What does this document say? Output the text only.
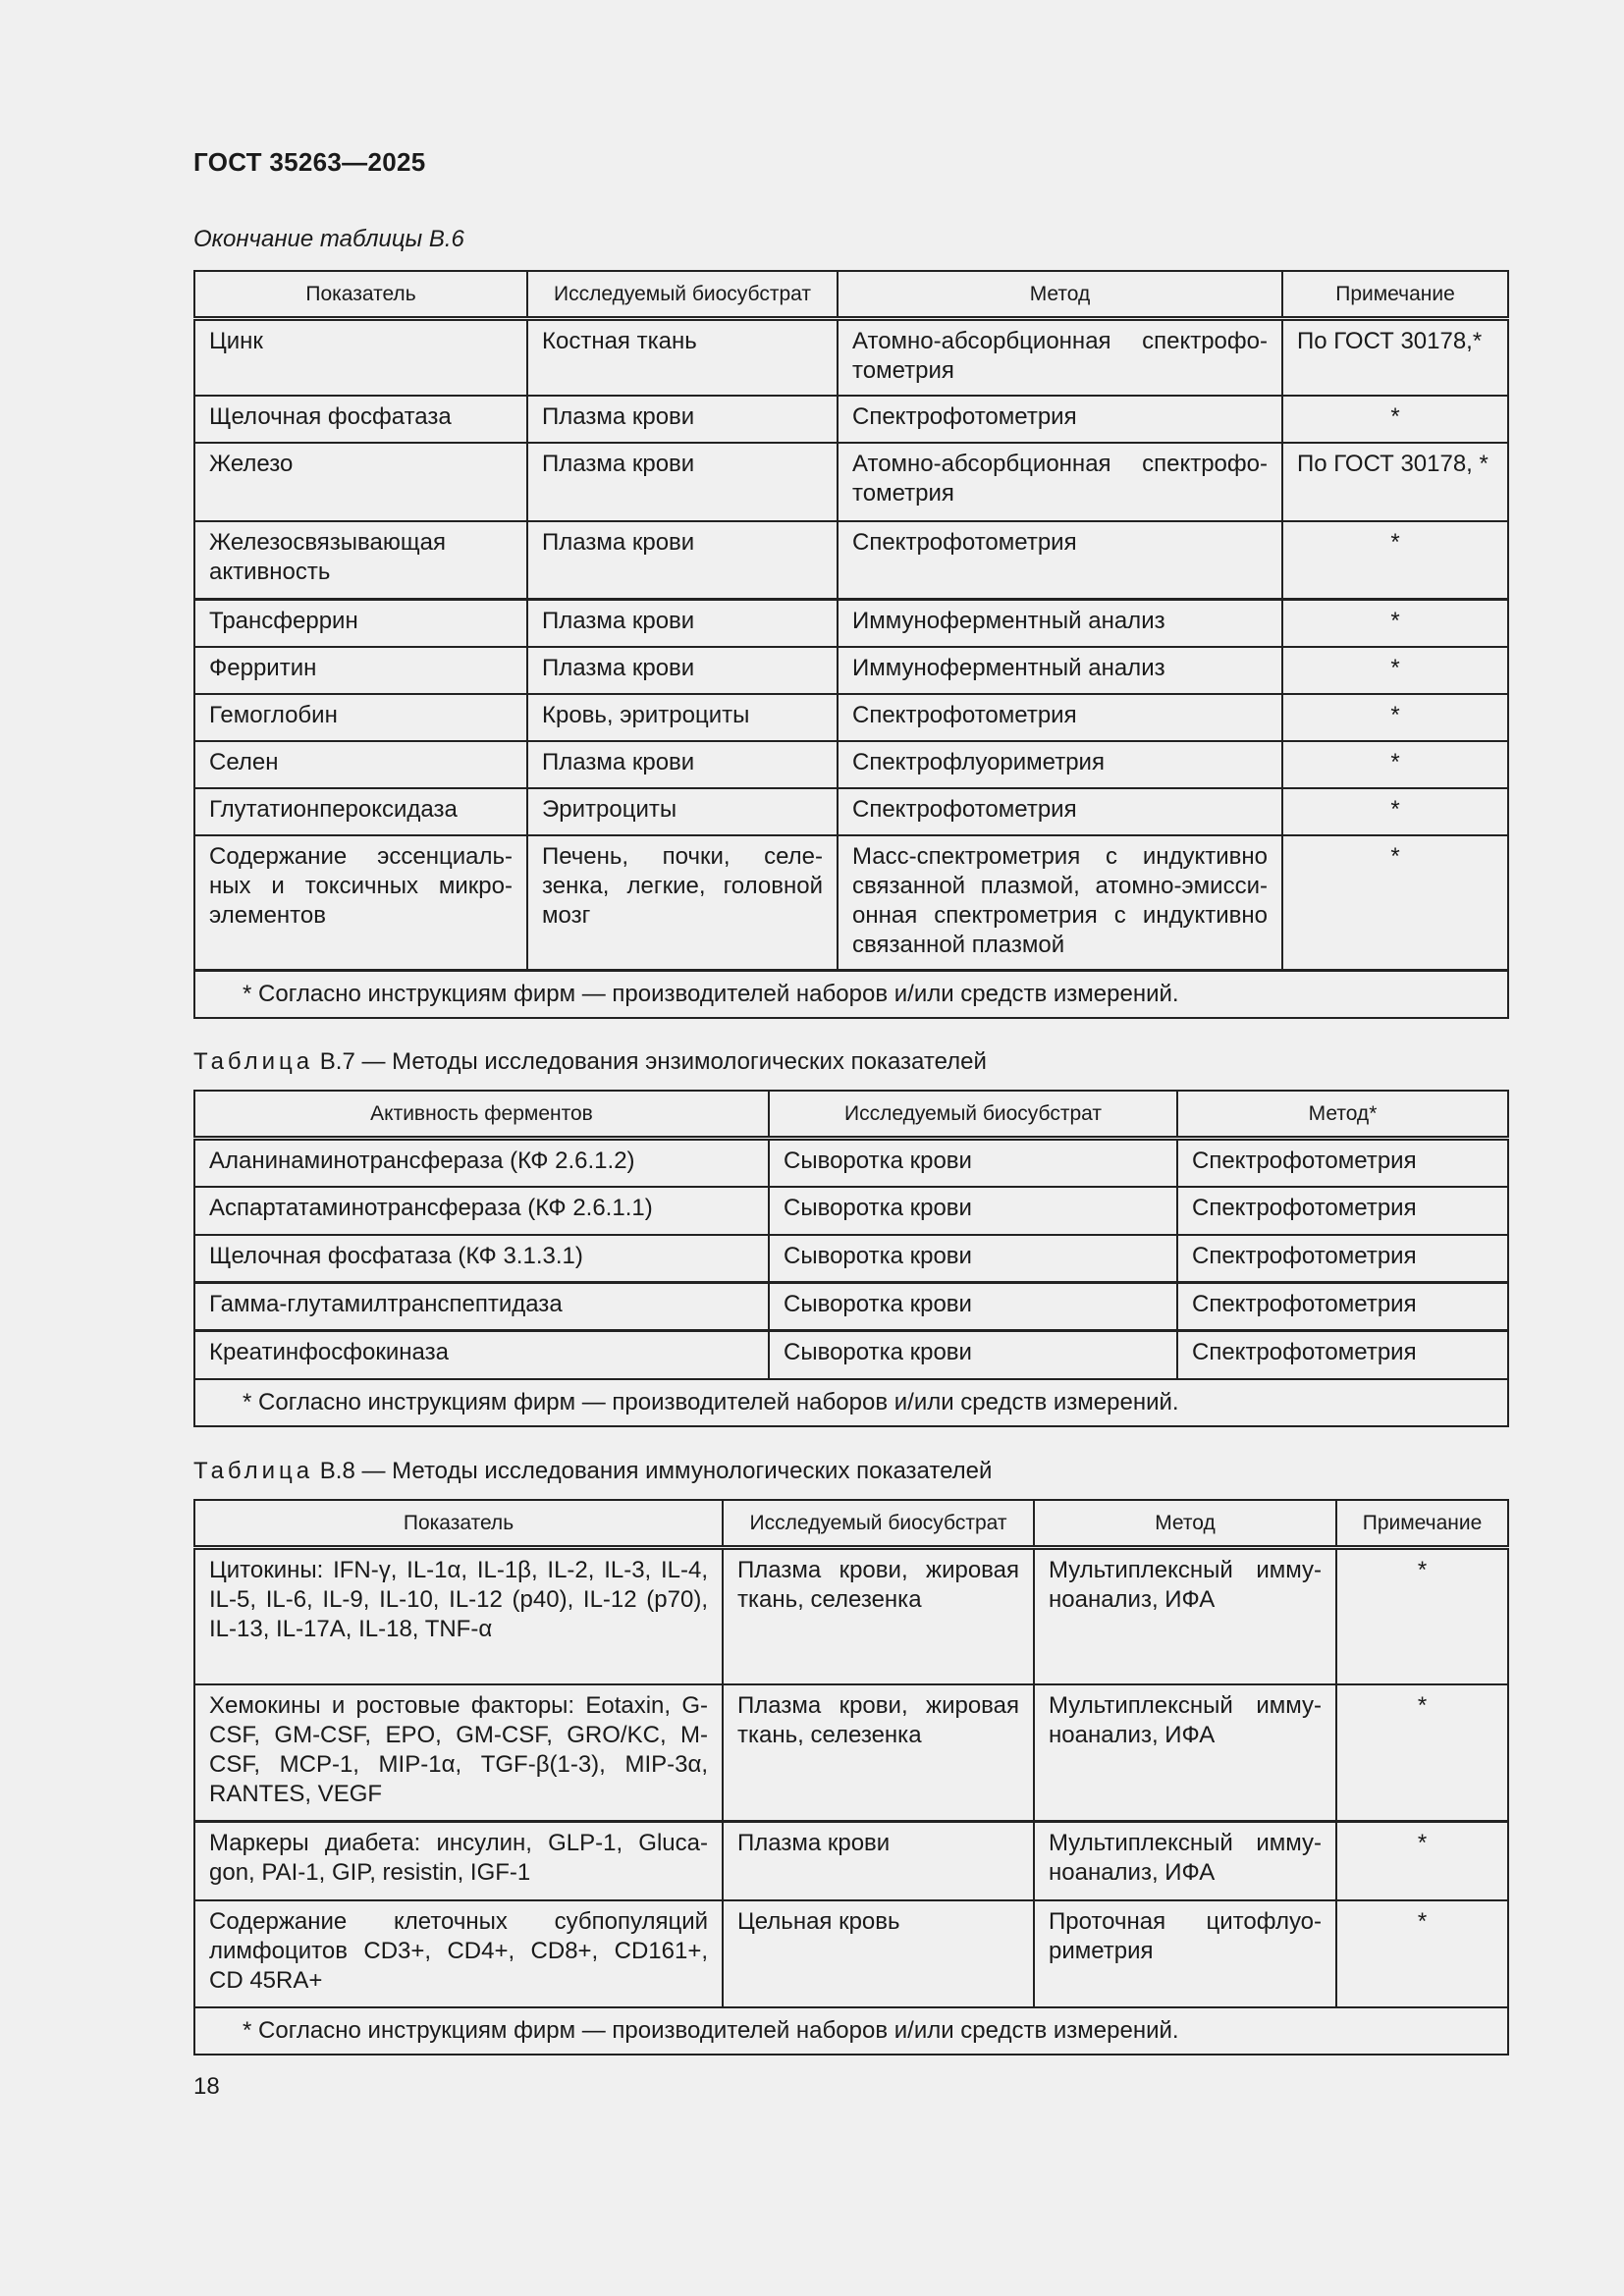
ГОСТ 35263—2025
Окончание таблицы В.6
Показатель	Исследуемый биосубстрат	Метод	Примечание
Цинк	Костная ткань	Атомно-абсорбционная спектрофотометрия	По ГОСТ 30178,*
Щелочная фосфатаза	Плазма крови	Спектрофотометрия	*
Железо	Плазма крови	Атомно-абсорбционная спектрофотометрия	По ГОСТ 30178, *
Железосвязывающая активность	Плазма крови	Спектрофотометрия	*
Трансферрин	Плазма крови	Иммуноферментный анализ	*
Ферритин	Плазма крови	Иммуноферментный анализ	*
Гемоглобин	Кровь, эритроциты	Спектрофотометрия	*
Селен	Плазма крови	Спектрофлуориметрия	*
Глутатионпероксидаза	Эритроциты	Спектрофотометрия	*
Содержание эссенциальных и токсичных микроэлементов	Печень, почки, селезенка, легкие, головной мозг	Масс-спектрометрия с индуктивно связанной плазмой, атомно-эмиссионная спектрометрия с индуктивно связанной плазмой	*
* Согласно инструкциям фирм — производителей наборов и/или средств измерений.			
Таблица В.7 — Методы исследования энзимологических показателей
Активность ферментов	Исследуемый биосубстрат	Метод*
Аланинаминотрансфераза (КФ 2.6.1.2)	Сыворотка крови	Спектрофотометрия
Аспартатаминотрансфераза (КФ 2.6.1.1)	Сыворотка крови	Спектрофотометрия
Щелочная фосфатаза (КФ 3.1.3.1)	Сыворотка крови	Спектрофотометрия
Гамма-глутамилтранспептидаза	Сыворотка крови	Спектрофотометрия
Креатинфосфокиназа	Сыворотка крови	Спектрофотометрия
* Согласно инструкциям фирм — производителей наборов и/или средств измерений.		
Таблица В.8 — Методы исследования иммунологических показателей
Показатель	Исследуемый биосубстрат	Метод	Примечание
Цитокины: IFN-γ, IL-1α, IL-1β, IL-2, IL-3, IL-4, IL-5, IL-6, IL-9, IL-10, IL-12 (p40), IL-12 (p70), IL-13, IL-17A, IL-18, TNF-α	Плазма крови, жировая ткань, селезенка	Мультиплексный иммуноанализ, ИФА	*
Хемокины и ростовые факторы: Eotaxin, G-CSF, GM-CSF, EPO, GM-CSF, GRO/KC, M-CSF, MCP-1, MIP-1α, TGF-β(1-3), MIP-3α, RANTES, VEGF	Плазма крови, жировая ткань, селезенка	Мультиплексный иммуноанализ, ИФА	*
Маркеры диабета: инсулин, GLP-1, Glucagon, PAI-1, GIP, resistin, IGF-1	Плазма крови	Мультиплексный иммуноанализ, ИФА	*
Содержание клеточных субпопуляций лимфоцитов CD3+, CD4+, CD8+, CD161+, CD 45RA+	Цельная кровь	Проточная цитофлуориметрия	*
* Согласно инструкциям фирм — производителей наборов и/или средств измерений.			
18
